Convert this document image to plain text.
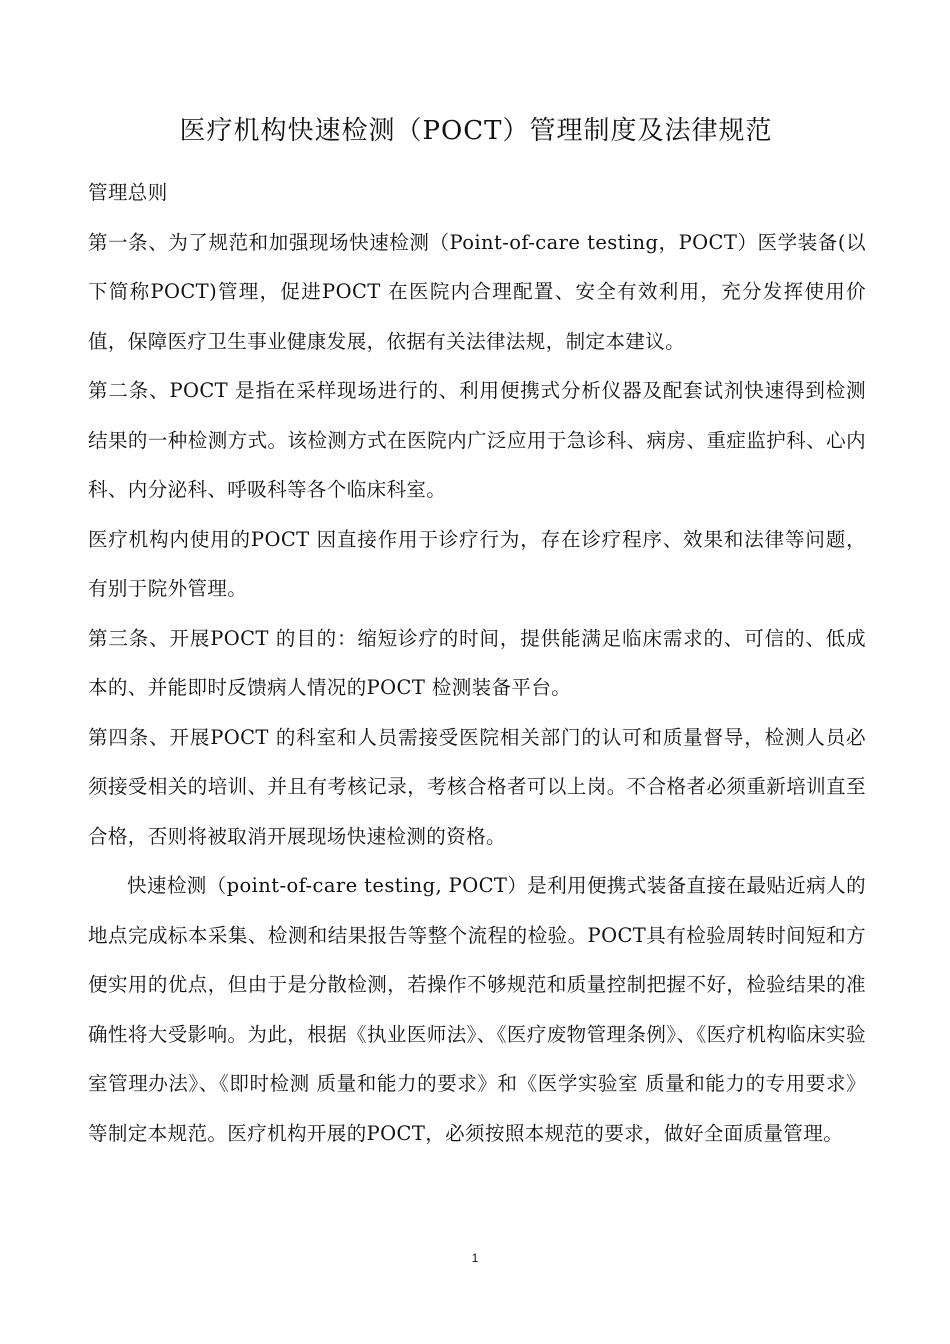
医疗机构快速检测（POCT）管理制度及法律规范

管理总则

第一条、为了规范和加强现场快速检测（Point-of-care testing，POCT）医学装备(以下简称POCT)管理，促进POCT 在医院内合理配置、安全有效利用，充分发挥使用价值，保障医疗卫生事业健康发展，依据有关法律法规，制定本建议。

第二条、POCT 是指在采样现场进行的、利用便携式分析仪器及配套试剂快速得到检测结果的一种检测方式。该检测方式在医院内广泛应用于急诊科、病房、重症监护科、心内科、内分泌科、呼吸科等各个临床科室。

医疗机构内使用的POCT 因直接作用于诊疗行为，存在诊疗程序、效果和法律等问题，有别于院外管理。

第三条、开展POCT 的目的：缩短诊疗的时间，提供能满足临床需求的、可信的、低成本的、并能即时反馈病人情况的POCT 检测装备平台。

第四条、开展POCT 的科室和人员需接受医院相关部门的认可和质量督导，检测人员必须接受相关的培训、并且有考核记录，考核合格者可以上岗。不合格者必须重新培训直至合格，否则将被取消开展现场快速检测的资格。

快速检测（point-of-care testing, POCT）是利用便携式装备直接在最贴近病人的地点完成标本采集、检测和结果报告等整个流程的检验。POCT具有检验周转时间短和方便实用的优点，但由于是分散检测，若操作不够规范和质量控制把握不好，检验结果的准确性将大受影响。为此，根据《执业医师法》、《医疗废物管理条例》、《医疗机构临床实验室管理办法》、《即时检测 质量和能力的要求》和《医学实验室 质量和能力的专用要求》等制定本规范。医疗机构开展的POCT，必须按照本规范的要求，做好全面质量管理。

1
